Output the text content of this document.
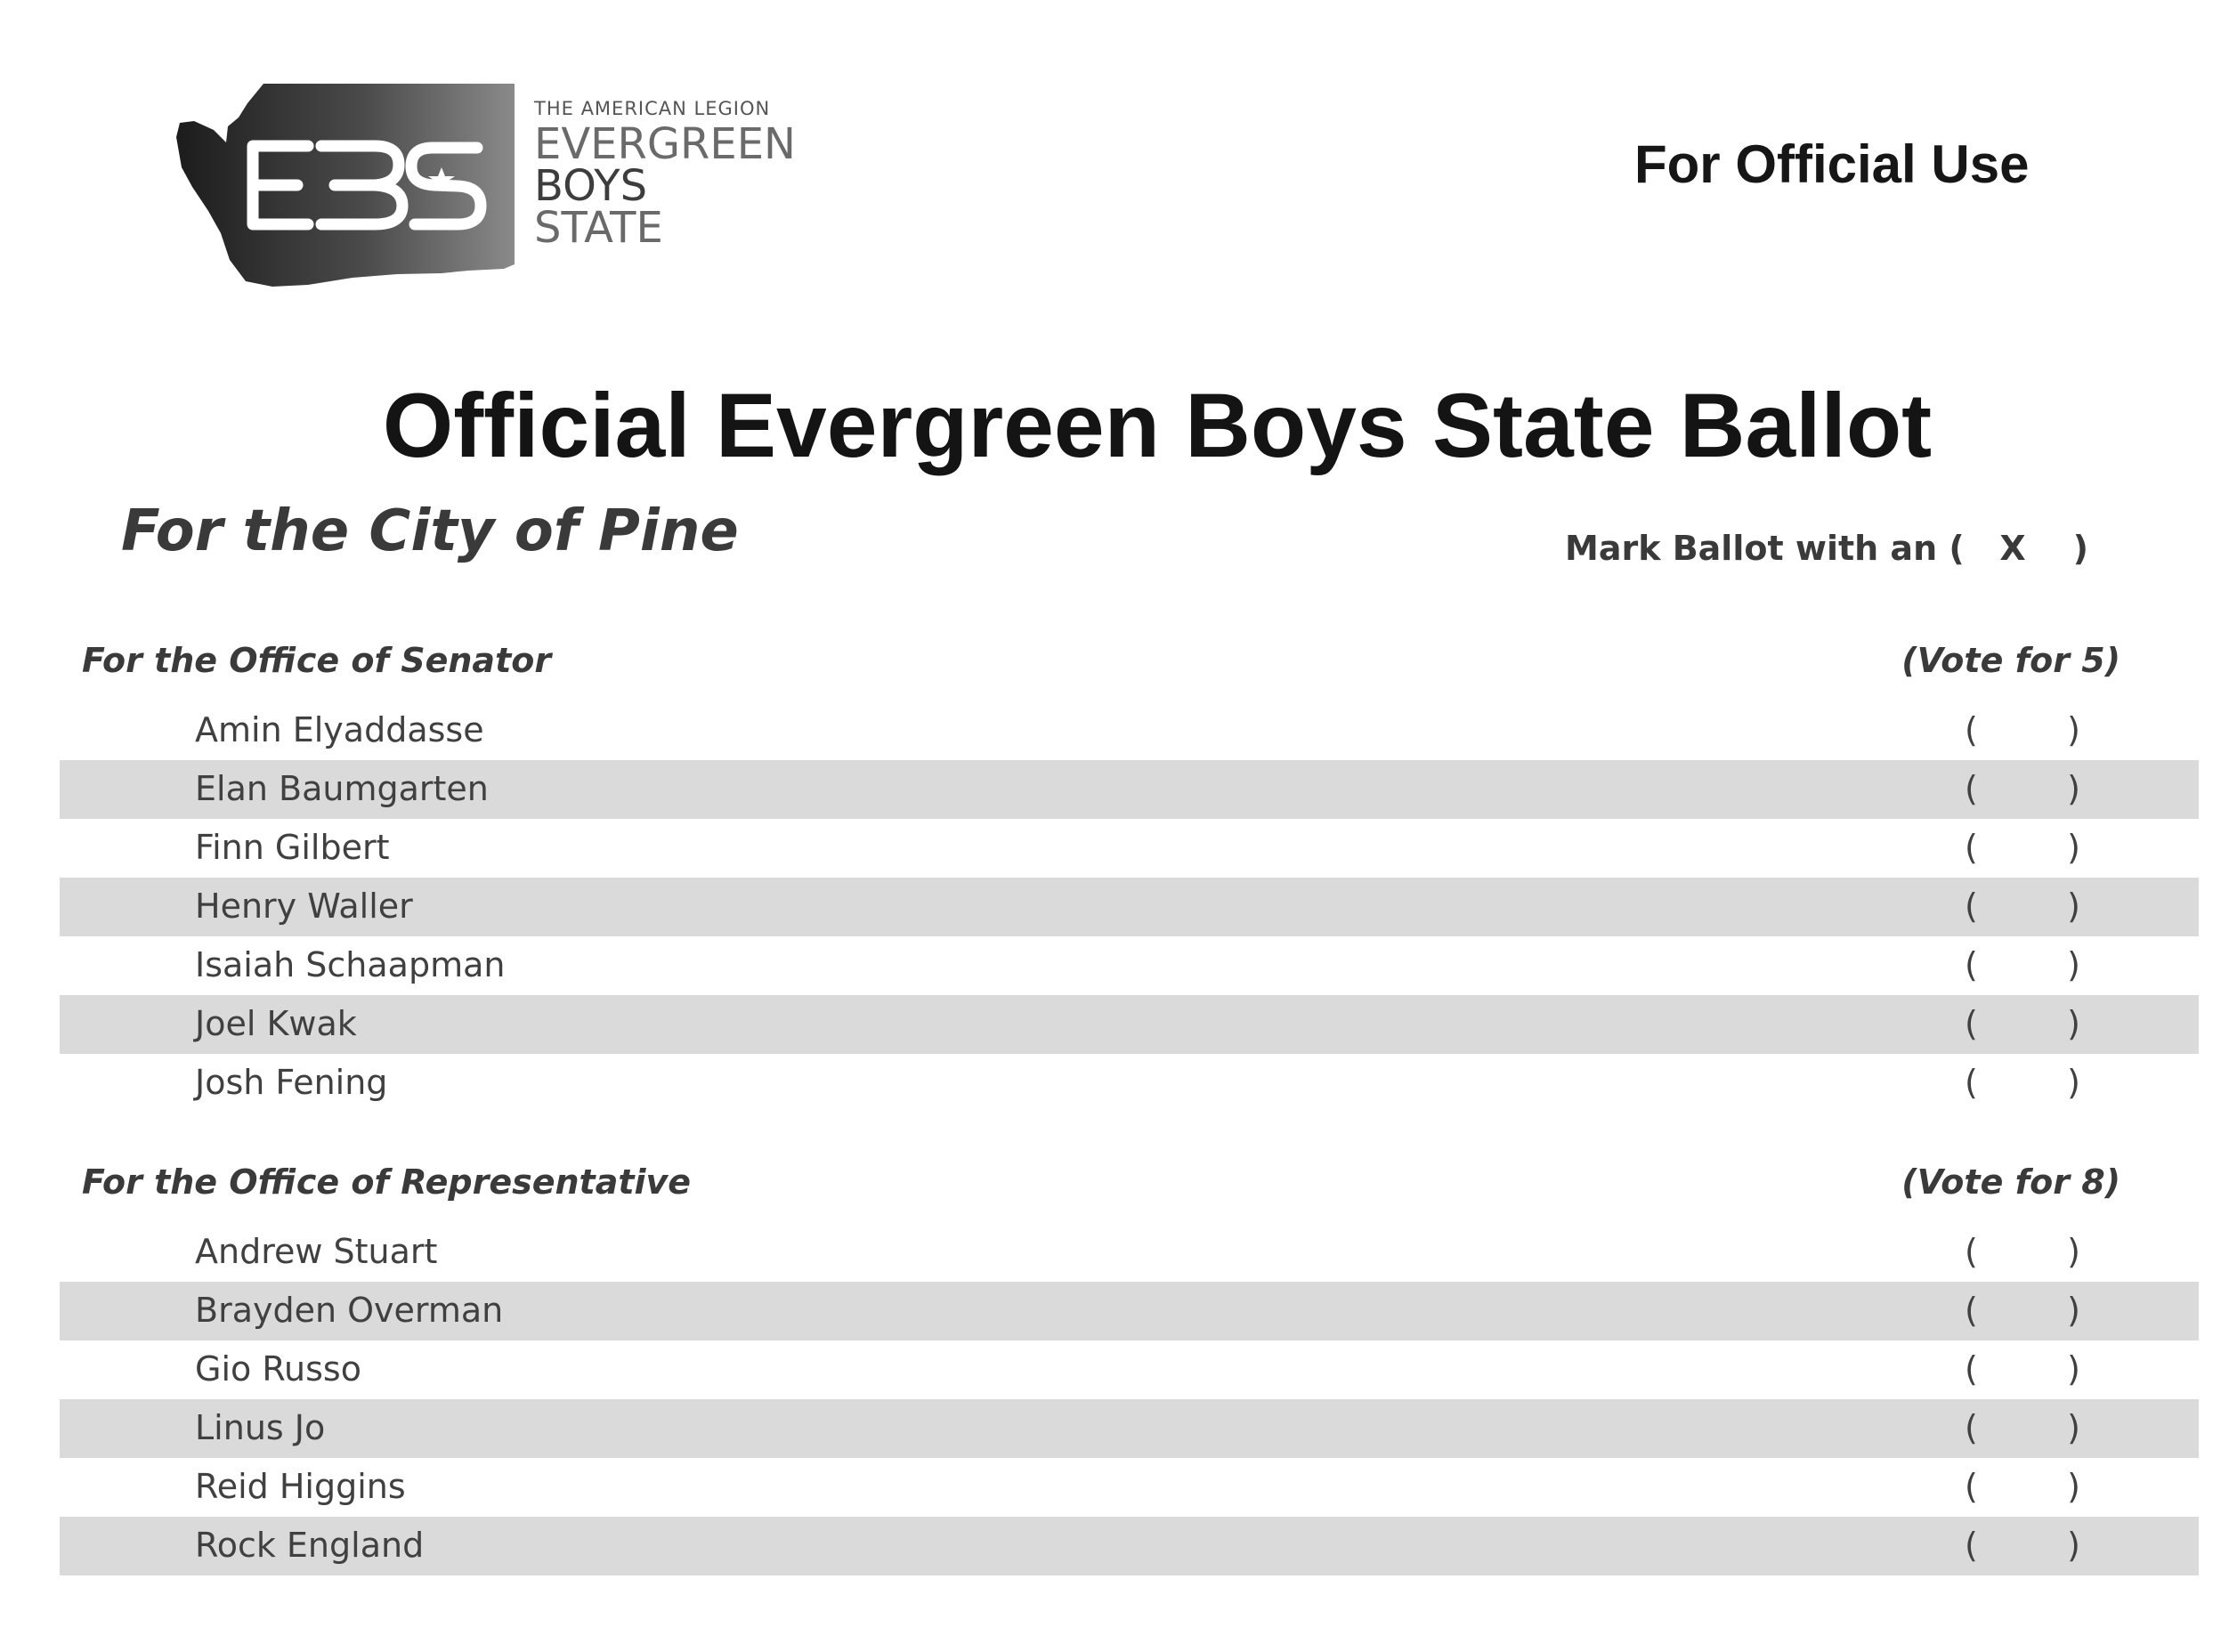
THE AMERICAN LEGION
EVERGREEN
BOYS
STATE
For Official Use
Official Evergreen Boys State Ballot
For the City of Pine	Mark Ballot with an (   X    )
For the Office of Senator	(Vote for 5)
Amin Elyaddasse	(	)
Elan Baumgarten	(	)
Finn Gilbert	(	)
Henry Waller	(	)
Isaiah Schaapman	(	)
Joel Kwak	(	)
Josh Fening	(	)
For the Office of Representative	(Vote for 8)
Andrew Stuart	(	)
Brayden Overman	(	)
Gio Russo	(	)
Linus Jo	(	)
Reid Higgins	(	)
Rock England	(	)
